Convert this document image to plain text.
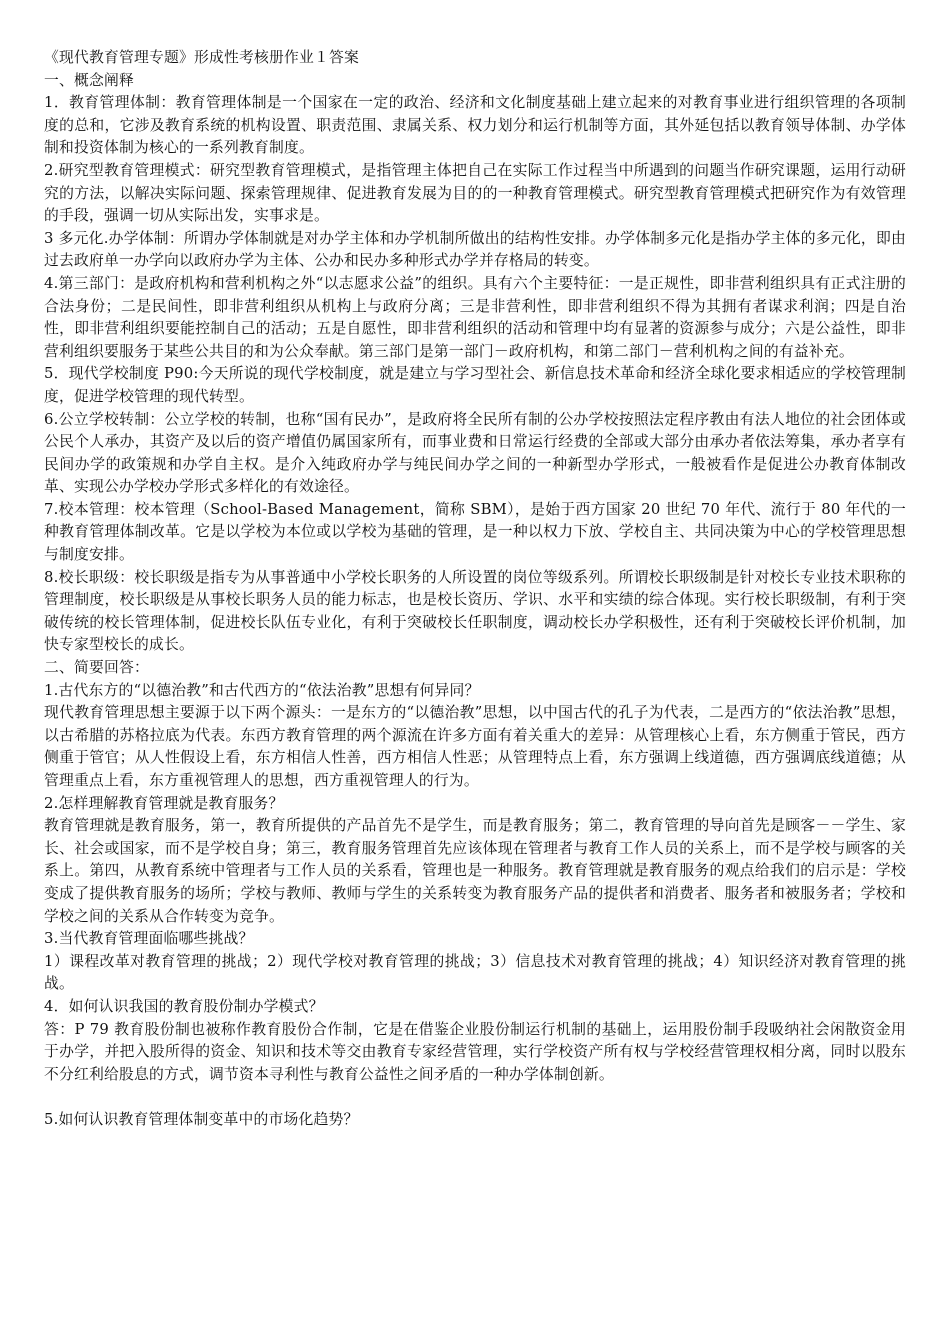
《现代教育管理专题》形成性考核册作业１答案

一、概念阐释

1．教育管理体制：教育管理体制是一个国家在一定的政治、经济和文化制度基础上建立起来的对教育事业进行组织管理的各项制度的总和，它涉及教育系统的机构设置、职责范围、隶属关系、权力划分和运行机制等方面，其外延包括以教育领导体制、办学体制和投资体制为核心的一系列教育制度。

2.研究型教育管理模式：研究型教育管理模式，是指管理主体把自己在实际工作过程当中所遇到的问题当作研究课题，运用行动研究的方法，以解决实际问题、探索管理规律、促进教育发展为目的的一种教育管理模式。研究型教育管理模式把研究作为有效管理的手段，强调一切从实际出发，实事求是。

3 多元化.办学体制：所谓办学体制就是对办学主体和办学机制所做出的结构性安排。办学体制多元化是指办学主体的多元化，即由过去政府单一办学向以政府办学为主体、公办和民办多种形式办学并存格局的转变。

4.第三部门：是政府机构和营利机构之外“以志愿求公益”的组织。具有六个主要特征：一是正规性，即非营利组织具有正式注册的合法身份；二是民间性，即非营利组织从机构上与政府分离；三是非营利性，即非营利组织不得为其拥有者谋求利润；四是自治性，即非营利组织要能控制自己的活动；五是自愿性，即非营利组织的活动和管理中均有显著的资源参与成分；六是公益性，即非营利组织要服务于某些公共目的和为公众奉献。第三部门是第一部门－政府机构，和第二部门－营利机构之间的有益补充。

5．现代学校制度 P90:今天所说的现代学校制度，就是建立与学习型社会、新信息技术革命和经济全球化要求相适应的学校管理制度，促进学校管理的现代转型。

6.公立学校转制：公立学校的转制，也称“国有民办”，是政府将全民所有制的公办学校按照法定程序教由有法人地位的社会团体或公民个人承办，其资产及以后的资产增值仍属国家所有，而事业费和日常运行经费的全部或大部分由承办者依法筹集，承办者享有民间办学的政策规和办学自主权。是介入纯政府办学与纯民间办学之间的一种新型办学形式，一般被看作是促进公办教育体制改革、实现公办学校办学形式多样化的有效途径。

7.校本管理：校本管理（School-Based Management，简称 SBM），是始于西方国家 20 世纪 70 年代、流行于 80 年代的一种教育管理体制改革。它是以学校为本位或以学校为基础的管理，是一种以权力下放、学校自主、共同决策为中心的学校管理思想与制度安排。

8.校长职级：校长职级是指专为从事普通中小学校长职务的人所设置的岗位等级系列。所谓校长职级制是针对校长专业技术职称的管理制度，校长职级是从事校长职务人员的能力标志，也是校长资历、学识、水平和实绩的综合体现。实行校长职级制，有利于突破传统的校长管理体制，促进校长队伍专业化，有利于突破校长任职制度，调动校长办学积极性，还有利于突破校长评价机制，加快专家型校长的成长。

二、简要回答：

1.古代东方的“以德治教”和古代西方的“依法治教”思想有何异同？

现代教育管理思想主要源于以下两个源头：一是东方的“以德治教”思想，以中国古代的孔子为代表，二是西方的“依法治教”思想，以古希腊的苏格拉底为代表。东西方教育管理的两个源流在许多方面有着关重大的差异：从管理核心上看，东方侧重于管民，西方侧重于管官；从人性假设上看，东方相信人性善，西方相信人性恶；从管理特点上看，东方强调上线道德，西方强调底线道德；从管理重点上看，东方重视管理人的思想，西方重视管理人的行为。

2.怎样理解教育管理就是教育服务？

教育管理就是教育服务，第一，教育所提供的产品首先不是学生，而是教育服务；第二，教育管理的导向首先是顾客－－学生、家长、社会或国家，而不是学校自身；第三，教育服务管理首先应该体现在管理者与教育工作人员的关系上，而不是学校与顾客的关系上。第四，从教育系统中管理者与工作人员的关系看，管理也是一种服务。教育管理就是教育服务的观点给我们的启示是：学校变成了提供教育服务的场所；学校与教师、教师与学生的关系转变为教育服务产品的提供者和消费者、服务者和被服务者；学校和学校之间的关系从合作转变为竞争。

3.当代教育管理面临哪些挑战？

1）课程改革对教育管理的挑战；2）现代学校对教育管理的挑战；3）信息技术对教育管理的挑战；4）知识经济对教育管理的挑战。

4．如何认识我国的教育股份制办学模式？

答：P 79 教育股份制也被称作教育股份合作制，它是在借鉴企业股份制运行机制的基础上，运用股份制手段吸纳社会闲散资金用于办学，并把入股所得的资金、知识和技术等交由教育专家经营管理，实行学校资产所有权与学校经营管理权相分离，同时以股东不分红利给股息的方式，调节资本寻利性与教育公益性之间矛盾的一种办学体制创新。

5.如何认识教育管理体制变革中的市场化趋势？
